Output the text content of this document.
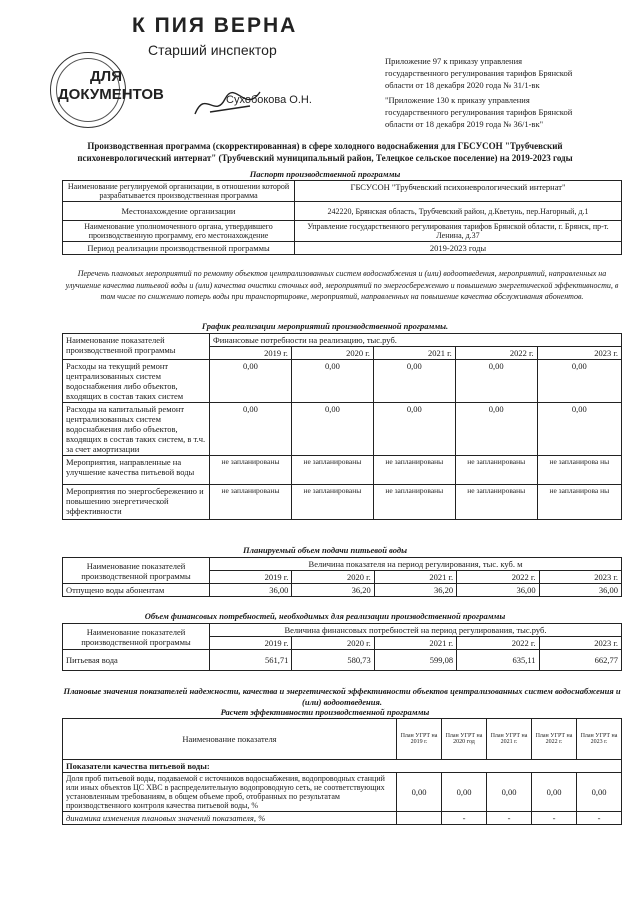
К ПИЯ ВЕРНА
Старший инспектор
ДЛЯ
ДОКУМЕНТОВ	Сухобокова О.Н.
Приложение 97 к приказу управления
государственного регулирования тарифов Брянской
области от 18 декабря 2020 года № 31/1-вк
"Приложение 130 к приказу управления
государственного регулирования тарифов Брянской
области от 18 декабря 2019 года № 36/1-вк"
Производственная программа (скорректированная) в сфере холодного водоснабжения для ГБСУСОН "Трубчевский
психоневрологический интернат" (Трубчевский муниципальный район, Телецкое сельское поселение) на 2019-2023 годы
Паспорт производственной программы
Наименование регулируемой организации, в отношении которой разрабатывается производственная программа	ГБСУСОН "Трубчевский психоневрологический интернат"
Местонахождение организации	242220, Брянская область, Трубчевский район, д.Кветунь, пер.Нагорный, д.1
Наименование уполномоченного органа, утвердившего производственную программу, его местонахождение	Управление государственного регулирования тарифов Брянской области, г. Брянск, пр-т. Ленина, д.37
Период реализации производственной программы	2019-2023 годы
Перечень плановых мероприятий по ремонту объектов централизованных систем водоснабжения и (или) водоотведения, мероприятий, направленных на улучшение качества питьевой воды и (или) качества очистки сточных вод, мероприятий по энергосбережению и повышению энергетической эффективности, в том числе по снижению потерь воды при транспортировке, мероприятий, направленных на повышение качества обслуживания абонентов.
График реализации мероприятий производственной программы.
Наименование показателей производственной программы	Финансовые потребности на реализацию, тыс.руб.				
	2019 г.	2020 г.	2021 г.	2022 г.	2023 г.
Расходы на текущий ремонт централизованных систем водоснабжения либо объектов, входящих в состав таких систем	0,00	0,00	0,00	0,00	0,00
Расходы на капитальный ремонт централизованных систем водоснабжения либо объектов, входящих в состав таких систем, в т.ч. за счет амортизации	0,00	0,00	0,00	0,00	0,00
Мероприятия, направленные на улучшение качества питьевой воды	не запланированы	не запланированы	не запланированы	не запланированы	не запланирова ны
Мероприятия по энергосбережению и повышению энергетической эффективности	не запланированы	не запланированы	не запланированы	не запланированы	не запланирова ны
Планируемый объем подачи питьевой воды
Наименование показателей производственной программы	Величина показателя на период регулирования, тыс. куб. м				
	2019 г.	2020 г.	2021 г.	2022 г.	2023 г.
Отпущено воды абонентам	36,00	36,20	36,20	36,00	36,00
Объем финансовых потребностей, необходимых для реализации производственной программы
Наименование показателей производственной программы	Величина финансовых потребностей на период регулирования, тыс.руб.				
	2019 г.	2020 г.	2021 г.	2022 г.	2023 г.
Питьевая вода	561,71	580,73	599,08	635,11	662,77
Плановые значения показателей надежности, качества и энергетической эффективности объектов централизованных систем водоснабжения и (или) водоотведения.
Расчет эффективности производственной программы
Наименование показателя	План УГРТ на 2019 г.	План УГРТ на 2020 год	План УГРТ на 2021 г.	План УГРТ на 2022 г.	План УГРТ на 2023 г.
Показатели качества питьевой воды:					
Доля проб питьевой воды, подаваемой с источников водоснабжения, водопроводных станций или иных объектов ЦС ХВС в распределительную водопроводную сеть, не соответствующих установленным требованиям, в общем объеме проб, отобранных по результатам производственного контроля качества питьевой воды, %	0,00	0,00	0,00	0,00	0,00
динамика изменения плановых значений показателя, %		-	-	-	-
